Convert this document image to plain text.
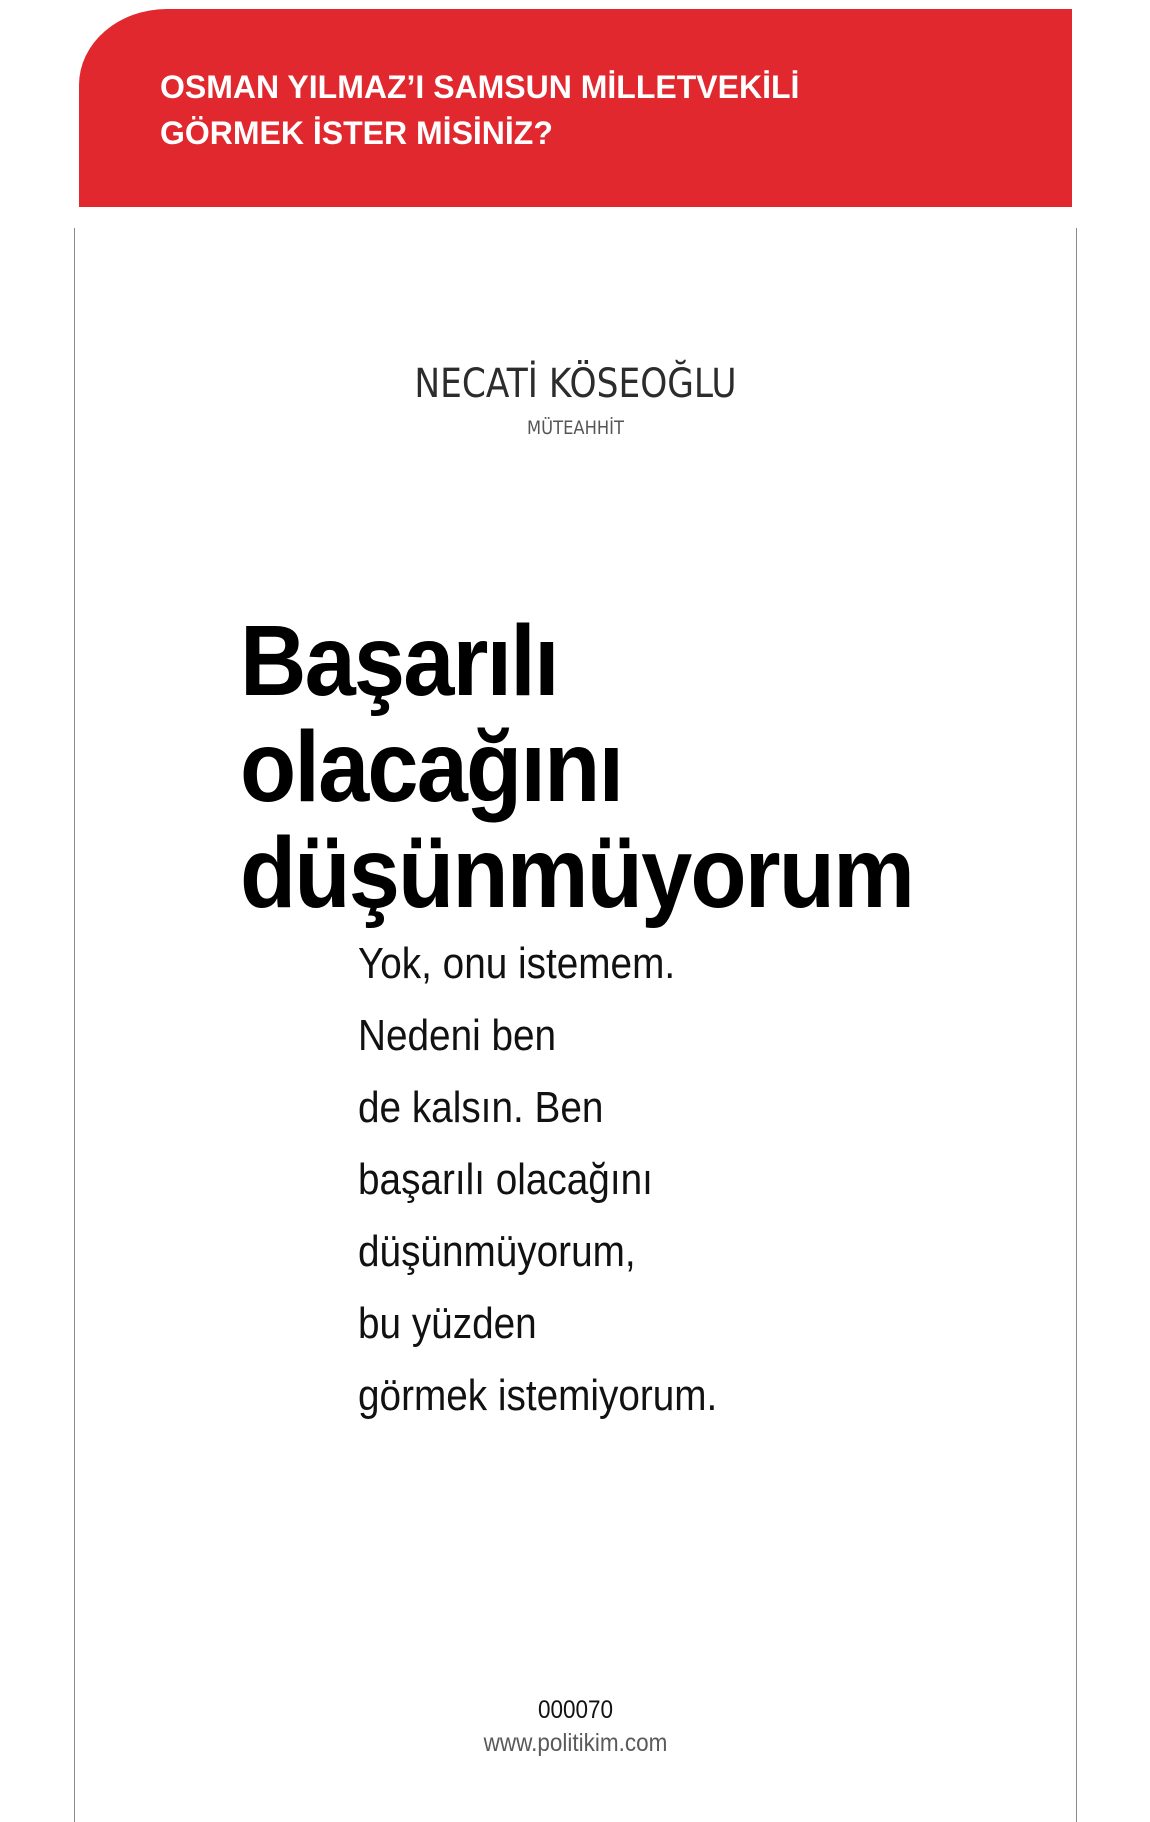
OSMAN YILMAZ’I SAMSUN MİLLETVEKİLİ
GÖRMEK İSTER MİSİNİZ?
NECATİ KÖSEOĞLU
MÜTEAHHİT
Başarılı
olacağını
düşünmüyorum
Yok, onu istemem.
Nedeni ben
de kalsın. Ben
başarılı olacağını
düşünmüyorum,
bu yüzden
görmek istemiyorum.
000070
www.politikim.com
